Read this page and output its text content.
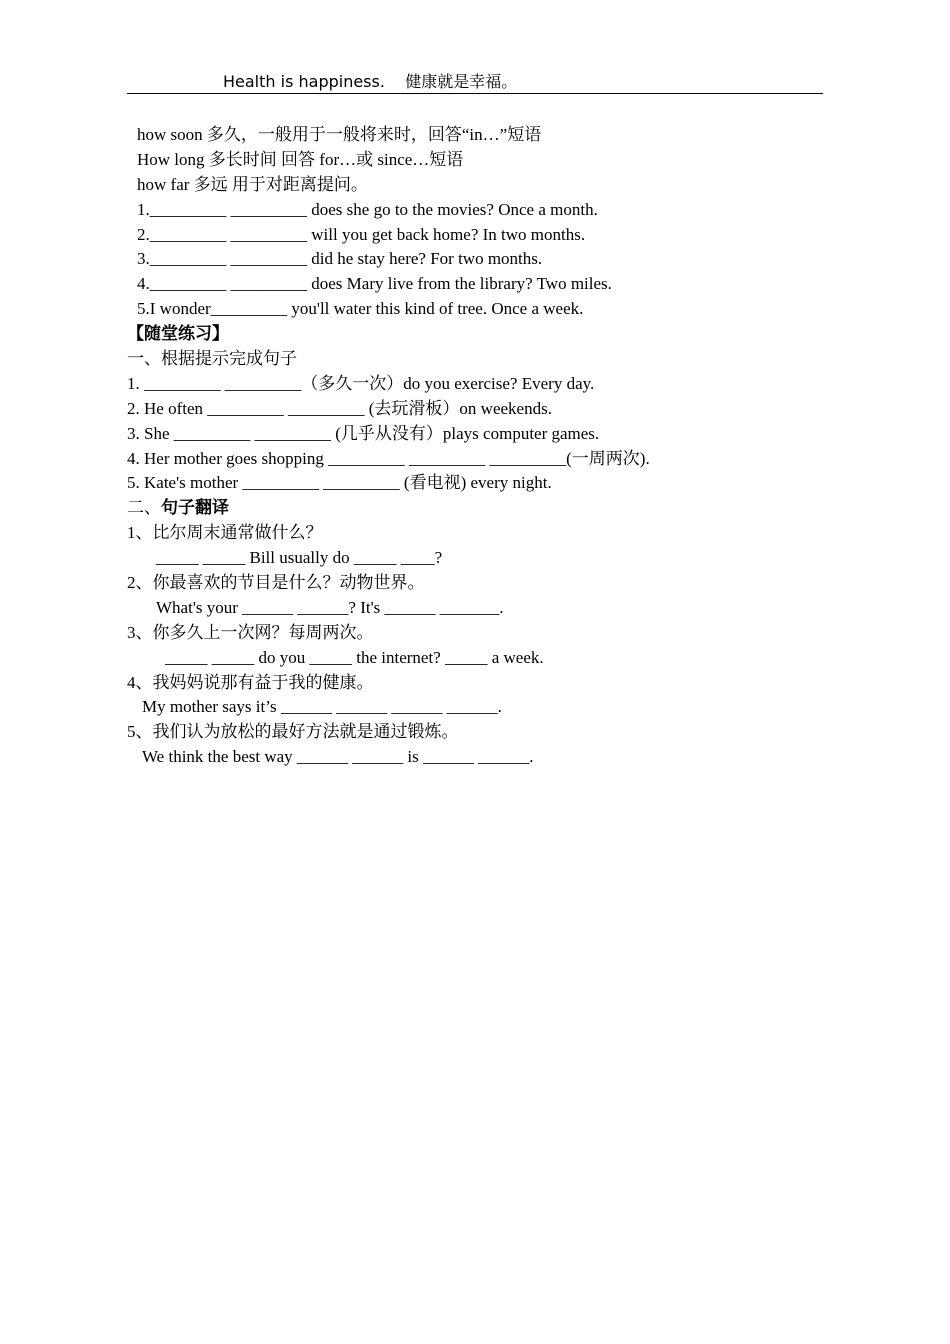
Health is happiness.    健康就是幸福。
how soon 多久，一般用于一般将来时，回答“in…”短语
How long 多长时间 回答 for…或 since…短语
how far 多远 用于对距离提问。
1._________ _________ does she go to the movies? Once a month.
2._________ _________ will you get back home? In two months.
3._________ _________ did he stay here? For two months.
4._________ _________ does Mary live from the library? Two miles.
5.I wonder_________ you'll water this kind of tree. Once a week.
【随堂练习】
一、根据提示完成句子
1. _________ _________（多久一次）do you exercise? Every day.
2. He often _________ _________ (去玩滑板）on weekends.
3. She _________ _________ (几乎从没有）plays computer games.
4. Her mother goes shopping _________ _________ _________(一周两次).
5. Kate's mother _________ _________ (看电视) every night.
二、句子翻译
1、比尔周末通常做什么？
_____ _____ Bill usually do _____ ____?
2、你最喜欢的节目是什么？动物世界。
What's your ______ ______? It's ______ _______.
3、你多久上一次网？每周两次。
_____ _____ do you _____ the internet? _____ a week.
4、我妈妈说那有益于我的健康。
My mother says it’s ______ ______ ______ ______.
5、我们认为放松的最好方法就是通过锻炼。
We think the best way ______ ______ is ______ ______.
